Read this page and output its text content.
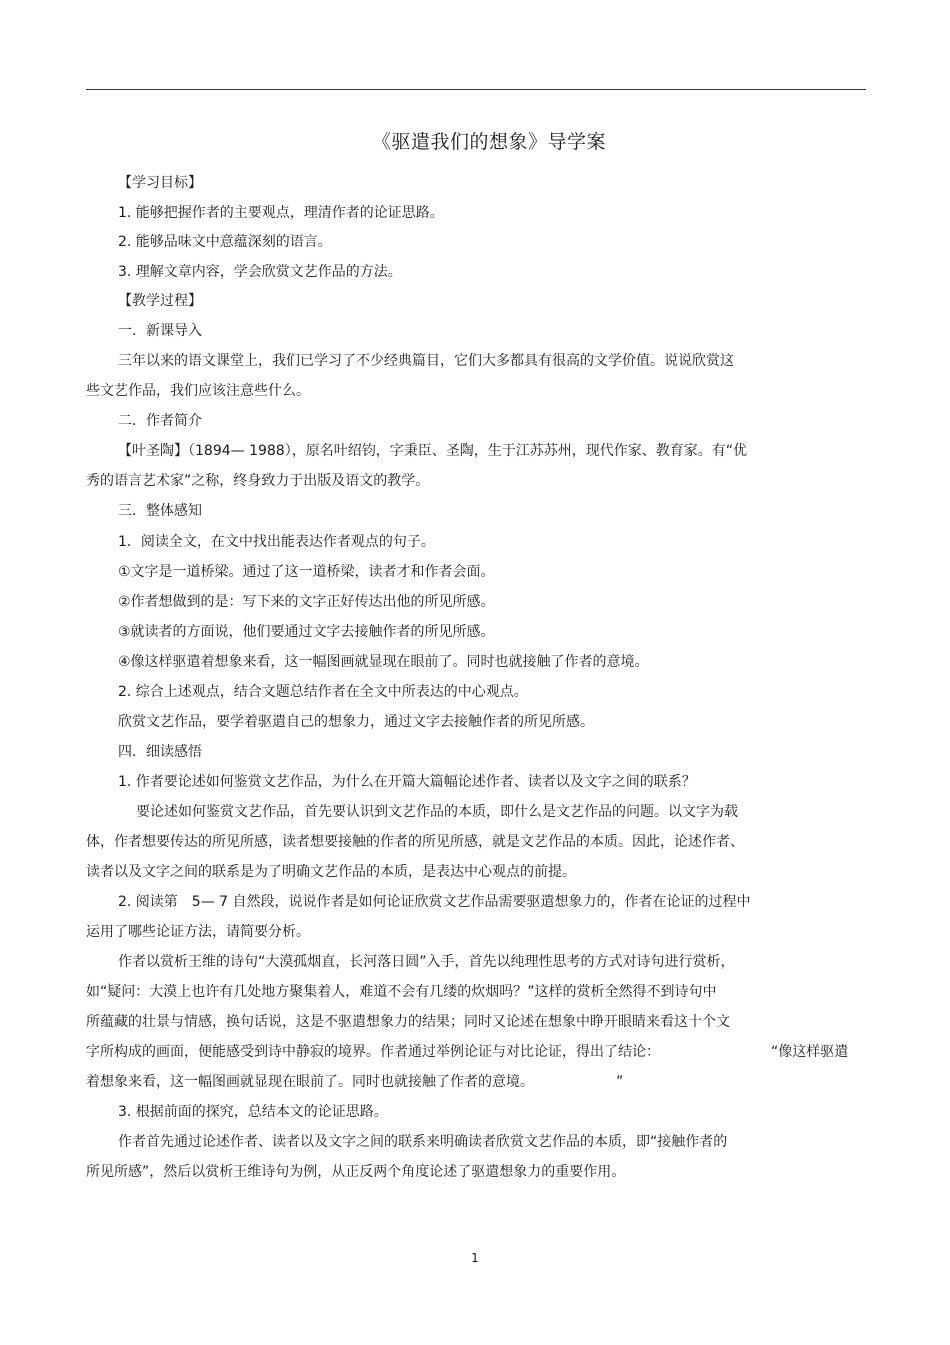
《驱遣我们的想象》导学案
【学习目标】
1. 能够把握作者的主要观点，理清作者的论证思路。
2. 能够品味文中意蕴深刻的语言。
3. 理解文章内容，学会欣赏文艺作品的方法。
【教学过程】
一．新课导入
三年以来的语文课堂上，我们已学习了不少经典篇目，它们大多都具有很高的文学价值。说说欣赏这
些文艺作品，我们应该注意些什么。
二．作者简介
【叶圣陶】（1894— 1988），原名叶绍钧，字秉臣、圣陶，生于江苏苏州，现代作家、教育家。有“优
秀的语言艺术家”之称，终身致力于出版及语文的教学。
三．整体感知
1．阅读全文，在文中找出能表达作者观点的句子。
①文字是一道桥梁。通过了这一道桥梁，读者才和作者会面。
②作者想做到的是：写下来的文字正好传达出他的所见所感。
③就读者的方面说，他们要通过文字去接触作者的所见所感。
④像这样驱遣着想象来看，这一幅图画就显现在眼前了。同时也就接触了作者的意境。
2. 综合上述观点，结合文题总结作者在全文中所表达的中心观点。
欣赏文艺作品，要学着驱遣自己的想象力，通过文字去接触作者的所见所感。
四．细读感悟
1. 作者要论述如何鉴赏文艺作品，为什么在开篇大篇幅论述作者、读者以及文字之间的联系？
要论述如何鉴赏文艺作品，首先要认识到文艺作品的本质，即什么是文艺作品的问题。以文字为载
体，作者想要传达的所见所感，读者想要接触的作者的所见所感，就是文艺作品的本质。因此，论述作者、
读者以及文字之间的联系是为了明确文艺作品的本质，是表达中心观点的前提。
2. 阅读第　5— 7 自然段，说说作者是如何论证欣赏文艺作品需要驱遣想象力的，作者在论证的过程中
运用了哪些论证方法，请简要分析。
作者以赏析王维的诗句“大漠孤烟直，长河落日圆”入手，首先以纯理性思考的方式对诗句进行赏析，
如“疑问：大漠上也许有几处地方聚集着人，难道不会有几缕的炊烟吗？”这样的赏析全然得不到诗句中
所蕴藏的壮景与情感，换句话说，这是不驱遣想象力的结果；同时又论述在想象中睁开眼睛来看这十个文
字所构成的画面，便能感受到诗中静寂的境界。作者通过举例论证与对比论证，得出了结论：	“像这样驱遣
着想象来看，这一幅图画就显现在眼前了。同时也就接触了作者的意境。	”
3. 根据前面的探究，总结本文的论证思路。
作者首先通过论述作者、读者以及文字之间的联系来明确读者欣赏文艺作品的本质，即“接触作者的
所见所感”，然后以赏析王维诗句为例，从正反两个角度论述了驱遣想象力的重要作用。
1
